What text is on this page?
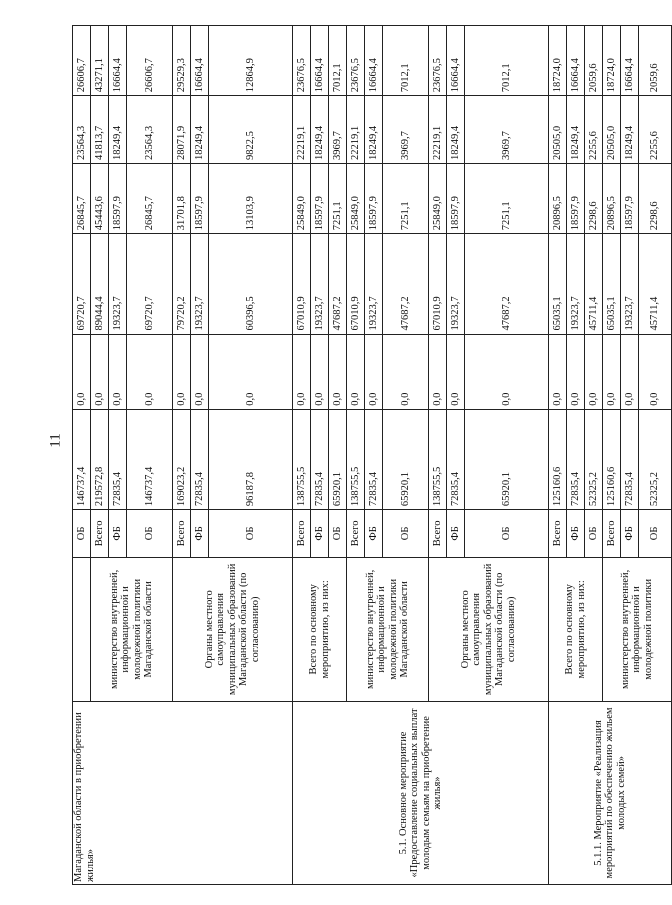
11
Магаданской области в приобретении жилья»		ОБ	146737,4	0,0	69720,7	26845,7	23564,3	26606,7
	министерство внутренней, информационной и молодежной политики Магаданской области	Всего	219572,8	0,0	89044,4	45443,6	41813,7	43271,1
		ФБ	72835,4	0,0	19323,7	18597,9	18249,4	16664,4
		ОБ	146737,4	0,0	69720,7	26845,7	23564,3	26606,7
	Органы местного самоуправления муниципальных образований Магаданской области (по согласованию)	Всего	169023,2	0,0	79720,2	31701,8	28071,9	29529,3
		ФБ	72835,4	0,0	19323,7	18597,9	18249,4	16664,4
		ОБ	96187,8	0,0	60396,5	13103,9	9822,5	12864,9
5.1. Основное мероприятие «Предоставление социальных выплат молодым семьям на приобретение жилья»	Всего по основному мероприятию, из них:	Всего	138755,5	0,0	67010,9	25849,0	22219,1	23676,5
		ФБ	72835,4	0,0	19323,7	18597,9	18249,4	16664,4
		ОБ	65920,1	0,0	47687,2	7251,1	3969,7	7012,1
	министерство внутренней, информационной и молодежной политики Магаданской области	Всего	138755,5	0,0	67010,9	25849,0	22219,1	23676,5
		ФБ	72835,4	0,0	19323,7	18597,9	18249,4	16664,4
		ОБ	65920,1	0,0	47687,2	7251,1	3969,7	7012,1
	Органы местного самоуправления муниципальных образований Магаданской области (по согласованию)	Всего	138755,5	0,0	67010,9	25849,0	22219,1	23676,5
		ФБ	72835,4	0,0	19323,7	18597,9	18249,4	16664,4
		ОБ	65920,1	0,0	47687,2	7251,1	3969,7	7012,1
5.1.1. Мероприятие «Реализация мероприятий по обеспечению жильем молодых семей»	Всего по основному мероприятию, из них:	Всего	125160,6	0,0	65035,1	20896,5	20505,0	18724,0
		ФБ	72835,4	0,0	19323,7	18597,9	18249,4	16664,4
		ОБ	52325,2	0,0	45711,4	2298,6	2255,6	2059,6
	министерство внутренней, информационной и молодежной политики	Всего	125160,6	0,0	65035,1	20896,5	20505,0	18724,0
		ФБ	72835,4	0,0	19323,7	18597,9	18249,4	16664,4
		ОБ	52325,2	0,0	45711,4	2298,6	2255,6	2059,6
